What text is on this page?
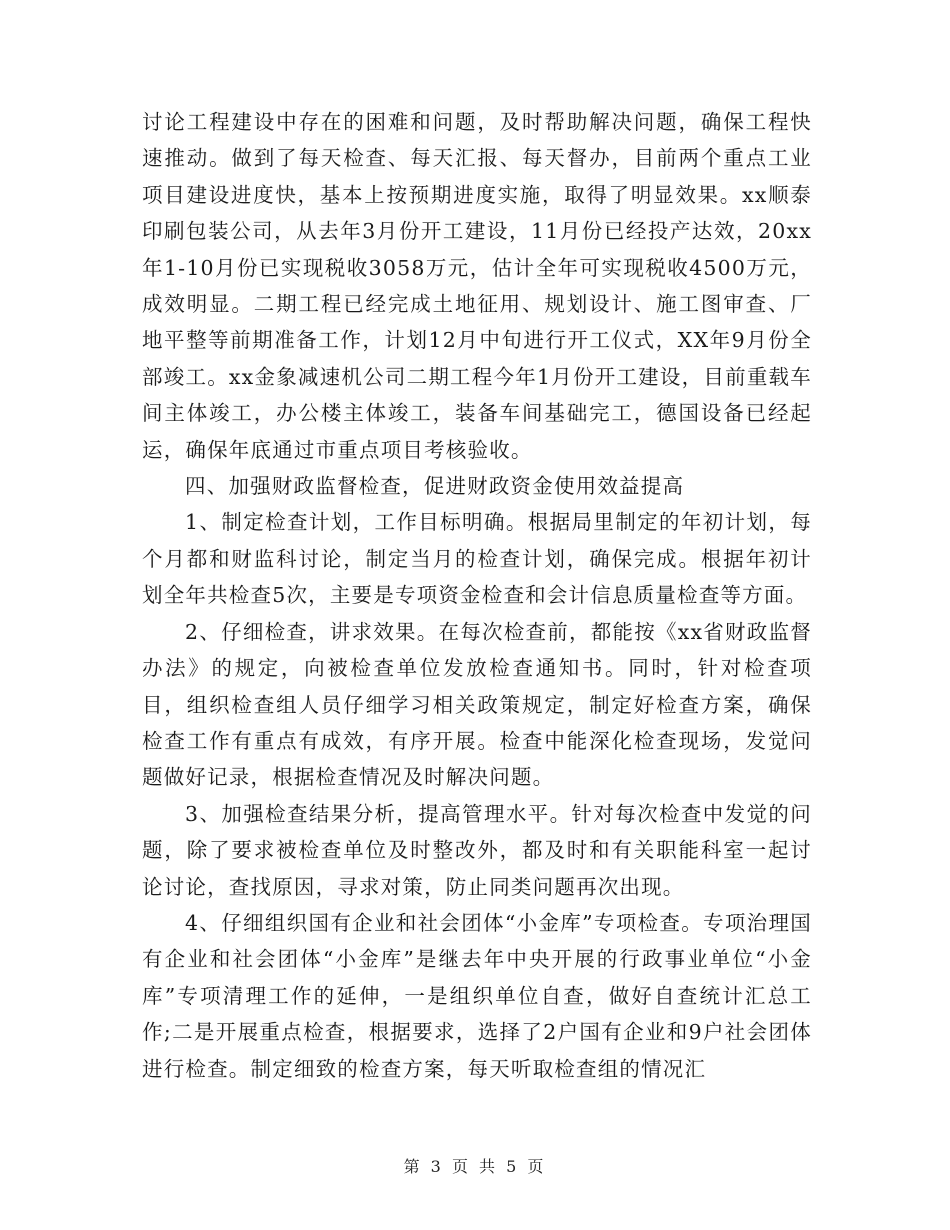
讨论工程建设中存在的困难和问题，及时帮助解决问题，确保工程快速推动。做到了每天检查、每天汇报、每天督办，目前两个重点工业项目建设进度快，基本上按预期进度实施，取得了明显效果。xx顺泰印刷包装公司，从去年3月份开工建设，11月份已经投产达效，20xx年1-10月份已实现税收3058万元，估计全年可实现税收4500万元，成效明显。二期工程已经完成土地征用、规划设计、施工图审查、厂地平整等前期准备工作，计划12月中旬进行开工仪式，XX年9月份全部竣工。xx金象减速机公司二期工程今年1月份开工建设，目前重载车间主体竣工，办公楼主体竣工，装备车间基础完工，德国设备已经起运，确保年底通过市重点项目考核验收。

四、加强财政监督检查，促进财政资金使用效益提高

1、制定检查计划，工作目标明确。根据局里制定的年初计划，每个月都和财监科讨论，制定当月的检查计划，确保完成。根据年初计划全年共检查5次，主要是专项资金检查和会计信息质量检查等方面。

2、仔细检查，讲求效果。在每次检查前，都能按《xx省财政监督办法》的规定，向被检查单位发放检查通知书。同时，针对检查项目，组织检查组人员仔细学习相关政策规定，制定好检查方案，确保检查工作有重点有成效，有序开展。检查中能深化检查现场，发觉问题做好记录，根据检查情况及时解决问题。

3、加强检查结果分析，提高管理水平。针对每次检查中发觉的问题，除了要求被检查单位及时整改外，都及时和有关职能科室一起讨论讨论，查找原因，寻求对策，防止同类问题再次出现。

4、仔细组织国有企业和社会团体“小金库”专项检查。专项治理国有企业和社会团体“小金库”是继去年中央开展的行政事业单位“小金库”专项清理工作的延伸，一是组织单位自查，做好自查统计汇总工作;二是开展重点检查，根据要求，选择了2户国有企业和9户社会团体进行检查。制定细致的检查方案，每天听取检查组的情况汇

第 3 页 共 5 页
